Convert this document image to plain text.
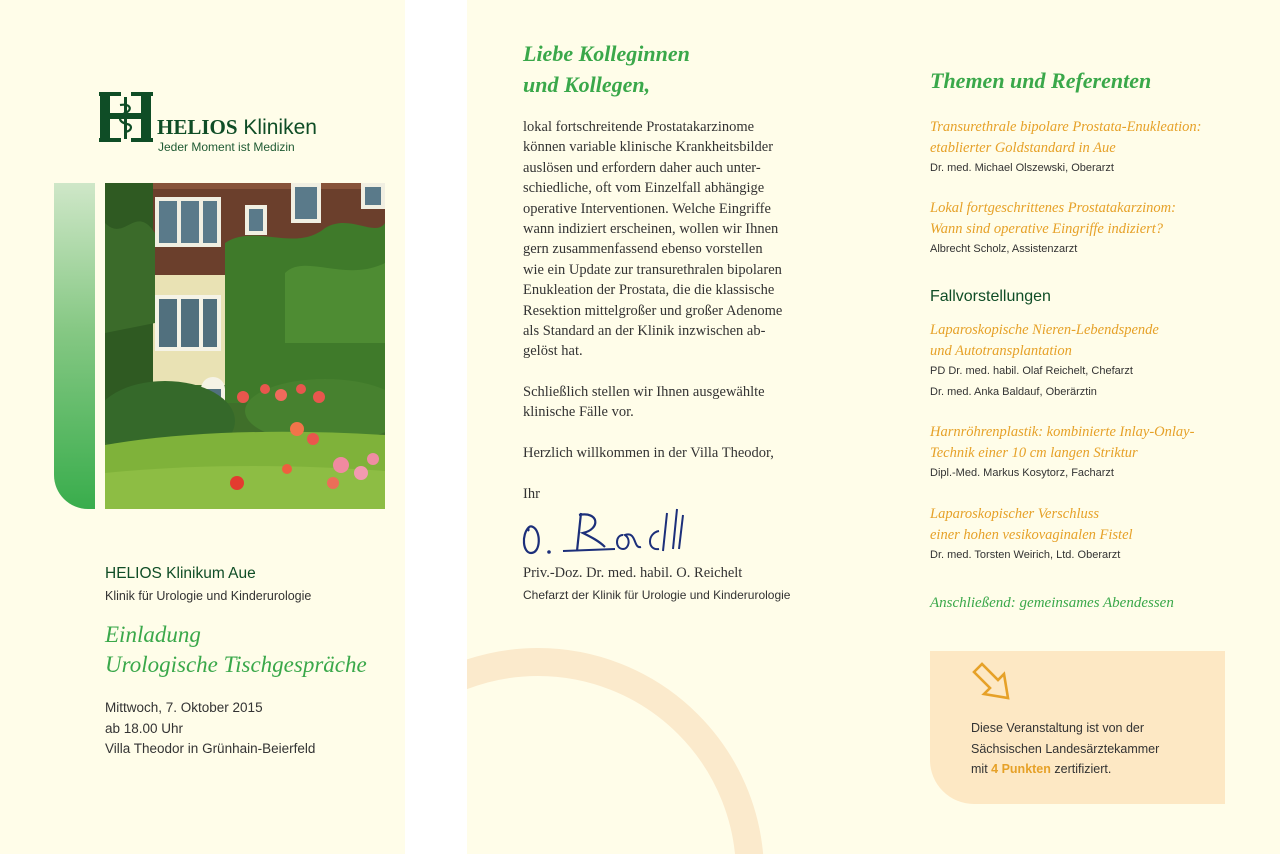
HELIOS Kliniken
Jeder Moment ist Medizin
HELIOS Klinikum Aue
Klinik für Urologie und Kinderurologie
Einladung
Urologische Tischgespräche
Mittwoch, 7. Oktober 2015
ab 18.00 Uhr
Villa Theodor in Grünhain-Beierfeld
Liebe Kolleginnen
und Kollegen,
lokal fortschreitende Prostatakarzinome
können variable klinische Krankheitsbilder
auslösen und erfordern daher auch unter-
schiedliche, oft vom Einzelfall abhängige
operative Interventionen. Welche Eingriffe
wann indiziert erscheinen, wollen wir Ihnen
gern zusammenfassend ebenso vorstellen
wie ein Update zur transurethralen bipolaren
Enukleation der Prostata, die die klassische
Resektion mittelgroßer und großer Adenome
als Standard an der Klinik inzwischen ab-
gelöst hat.
Schließlich stellen wir Ihnen ausgewählte
klinische Fälle vor.
Herzlich willkommen in der Villa Theodor,
Ihr
Priv.-Doz. Dr. med. habil. O. Reichelt
Chefarzt der Klinik für Urologie und Kinderurologie
Themen und Referenten
Transurethrale bipolare Prostata-Enukleation:
etablierter Goldstandard in Aue
Dr. med. Michael Olszewski, Oberarzt
Lokal fortgeschrittenes Prostatakarzinom:
Wann sind operative Eingriffe indiziert?
Albrecht Scholz, Assistenzarzt
Fallvorstellungen
Laparoskopische Nieren-Lebendspende
und Autotransplantation
PD Dr. med. habil. Olaf Reichelt, Chefarzt
Dr. med. Anka Baldauf, Oberärztin
Harnröhrenplastik: kombinierte Inlay-Onlay-
Technik einer 10 cm langen Striktur
Dipl.-Med. Markus Kosytorz, Facharzt
Laparoskopischer Verschluss
einer hohen vesikovaginalen Fistel
Dr. med. Torsten Weirich, Ltd. Oberarzt
Anschließend: gemeinsames Abendessen
Diese Veranstaltung ist von der
Sächsischen Landesärztekammer
mit 4 Punkten zertifiziert.
